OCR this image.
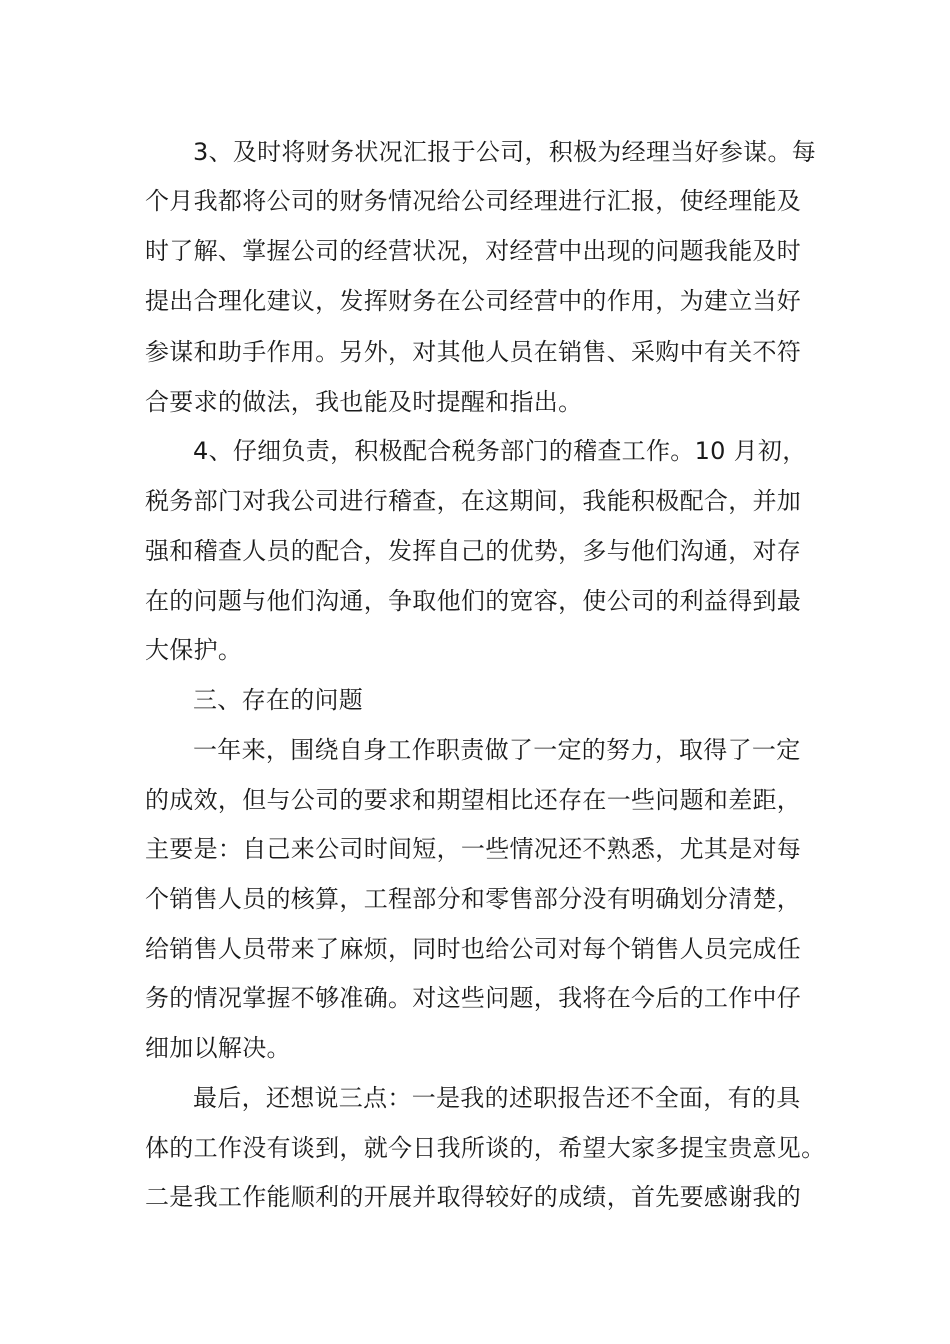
3、及时将财务状况汇报于公司，积极为经理当好参谋。每
个月我都将公司的财务情况给公司经理进行汇报，使经理能及
时了解、掌握公司的经营状况，对经营中出现的问题我能及时
提出合理化建议，发挥财务在公司经营中的作用，为建立当好
参谋和助手作用。另外，对其他人员在销售、采购中有关不符
合要求的做法，我也能及时提醒和指出。
4、仔细负责，积极配合税务部门的稽查工作。10 月初，
税务部门对我公司进行稽查，在这期间，我能积极配合，并加
强和稽查人员的配合，发挥自己的优势，多与他们沟通，对存
在的问题与他们沟通，争取他们的宽容，使公司的利益得到最
大保护。
三、存在的问题
一年来，围绕自身工作职责做了一定的努力，取得了一定
的成效，但与公司的要求和期望相比还存在一些问题和差距，
主要是：自己来公司时间短，一些情况还不熟悉，尤其是对每
个销售人员的核算，工程部分和零售部分没有明确划分清楚，
给销售人员带来了麻烦，同时也给公司对每个销售人员完成任
务的情况掌握不够准确。对这些问题，我将在今后的工作中仔
细加以解决。
最后，还想说三点：一是我的述职报告还不全面，有的具
体的工作没有谈到，就今日我所谈的，希望大家多提宝贵意见。
二是我工作能顺利的开展并取得较好的成绩，首先要感谢我的
